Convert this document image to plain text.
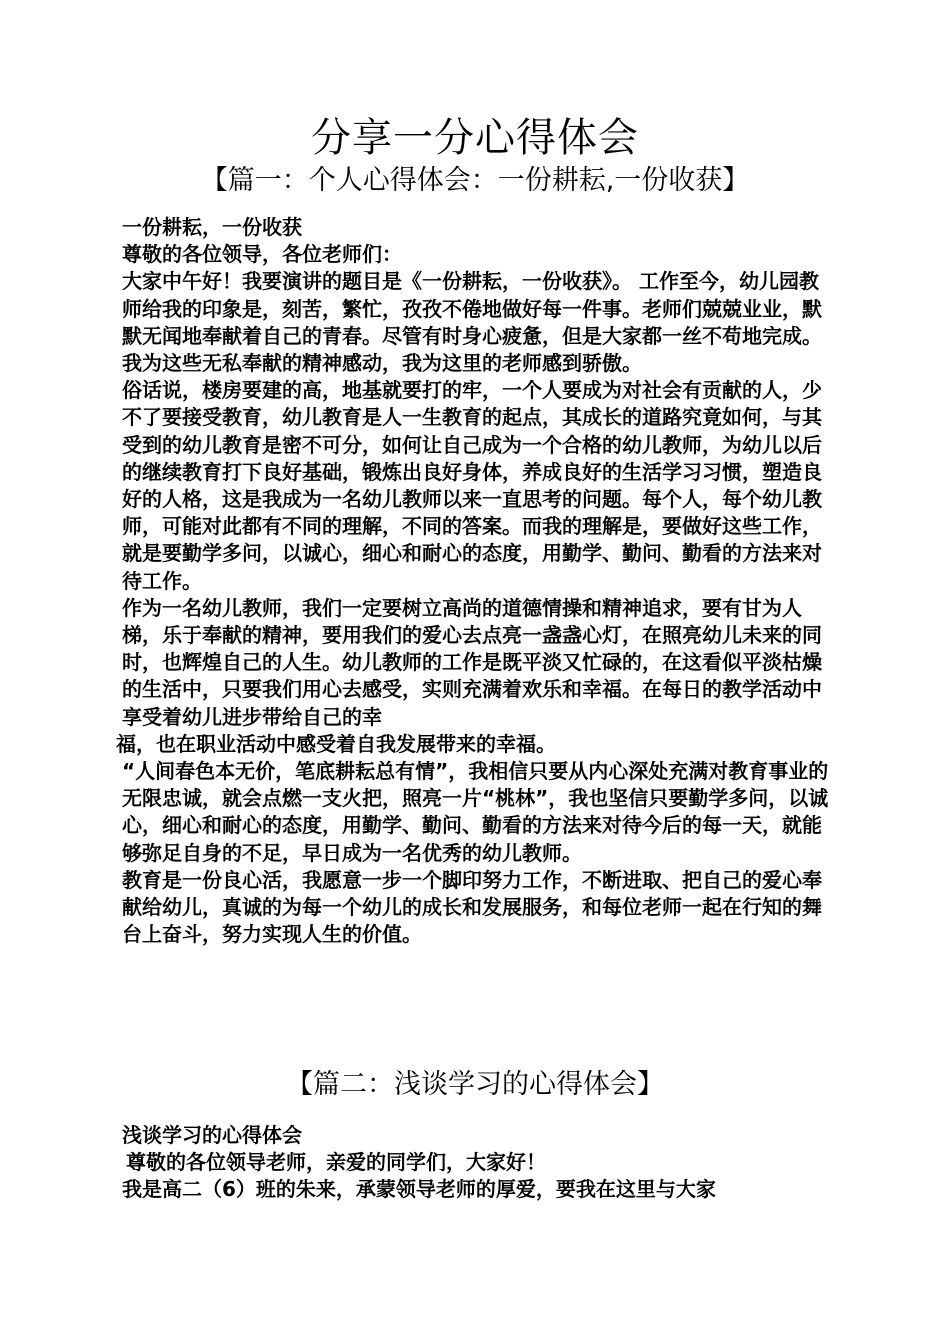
分享一分心得体会
【篇一：个人心得体会：一份耕耘,一份收获】

一份耕耘，一份收获

尊敬的各位领导，各位老师们：

大家中午好！我要演讲的题目是《一份耕耘，一份收获》。 工作至今，幼儿园教师给我的印象是，刻苦，繁忙，孜孜不倦地做好每一件事。老师们兢兢业业，默默无闻地奉献着自己的青春。尽管有时身心疲惫，但是大家都一丝不苟地完成。我为这些无私奉献的精神感动，我为这里的老师感到骄傲。

俗话说，楼房要建的高，地基就要打的牢，一个人要成为对社会有贡献的人，少不了要接受教育，幼儿教育是人一生教育的起点，其成长的道路究竟如何，与其受到的幼儿教育是密不可分，如何让自己成为一个合格的幼儿教师，为幼儿以后的继续教育打下良好基础，锻炼出良好身体，养成良好的生活学习习惯，塑造良好的人格，这是我成为一名幼儿教师以来一直思考的问题。每个人，每个幼儿教师，可能对此都有不同的理解，不同的答案。而我的理解是，要做好这些工作，就是要勤学多问，以诚心，细心和耐心的态度，用勤学、勤问、勤看的方法来对待工作。

作为一名幼儿教师，我们一定要树立高尚的道德情操和精神追求，要有甘为人梯，乐于奉献的精神，要用我们的爱心去点亮一盏盏心灯，在照亮幼儿未来的同时，也辉煌自己的人生。幼儿教师的工作是既平淡又忙碌的，在这看似平淡枯燥的生活中，只要我们用心去感受，实则充满着欢乐和幸福。在每日的教学活动中享受着幼儿进步带给自己的幸

福，也在职业活动中感受着自我发展带来的幸福。

“人间春色本无价，笔底耕耘总有情”，我相信只要从内心深处充满对教育事业的无限忠诚，就会点燃一支火把，照亮一片“桃林”，我也坚信只要勤学多问，以诚心，细心和耐心的态度，用勤学、勤问、勤看的方法来对待今后的每一天，就能够弥足自身的不足，早日成为一名优秀的幼儿教师。

教育是一份良心活，我愿意一步一个脚印努力工作，不断进取、把自己的爱心奉献给幼儿，真诚的为每一个幼儿的成长和发展服务，和每位老师一起在行知的舞台上奋斗，努力实现人生的价值。

【篇二：浅谈学习的心得体会】

浅谈学习的心得体会

尊敬的各位领导老师，亲爱的同学们，大家好！

我是高二（6）班的朱来，承蒙领导老师的厚爱，要我在这里与大家
